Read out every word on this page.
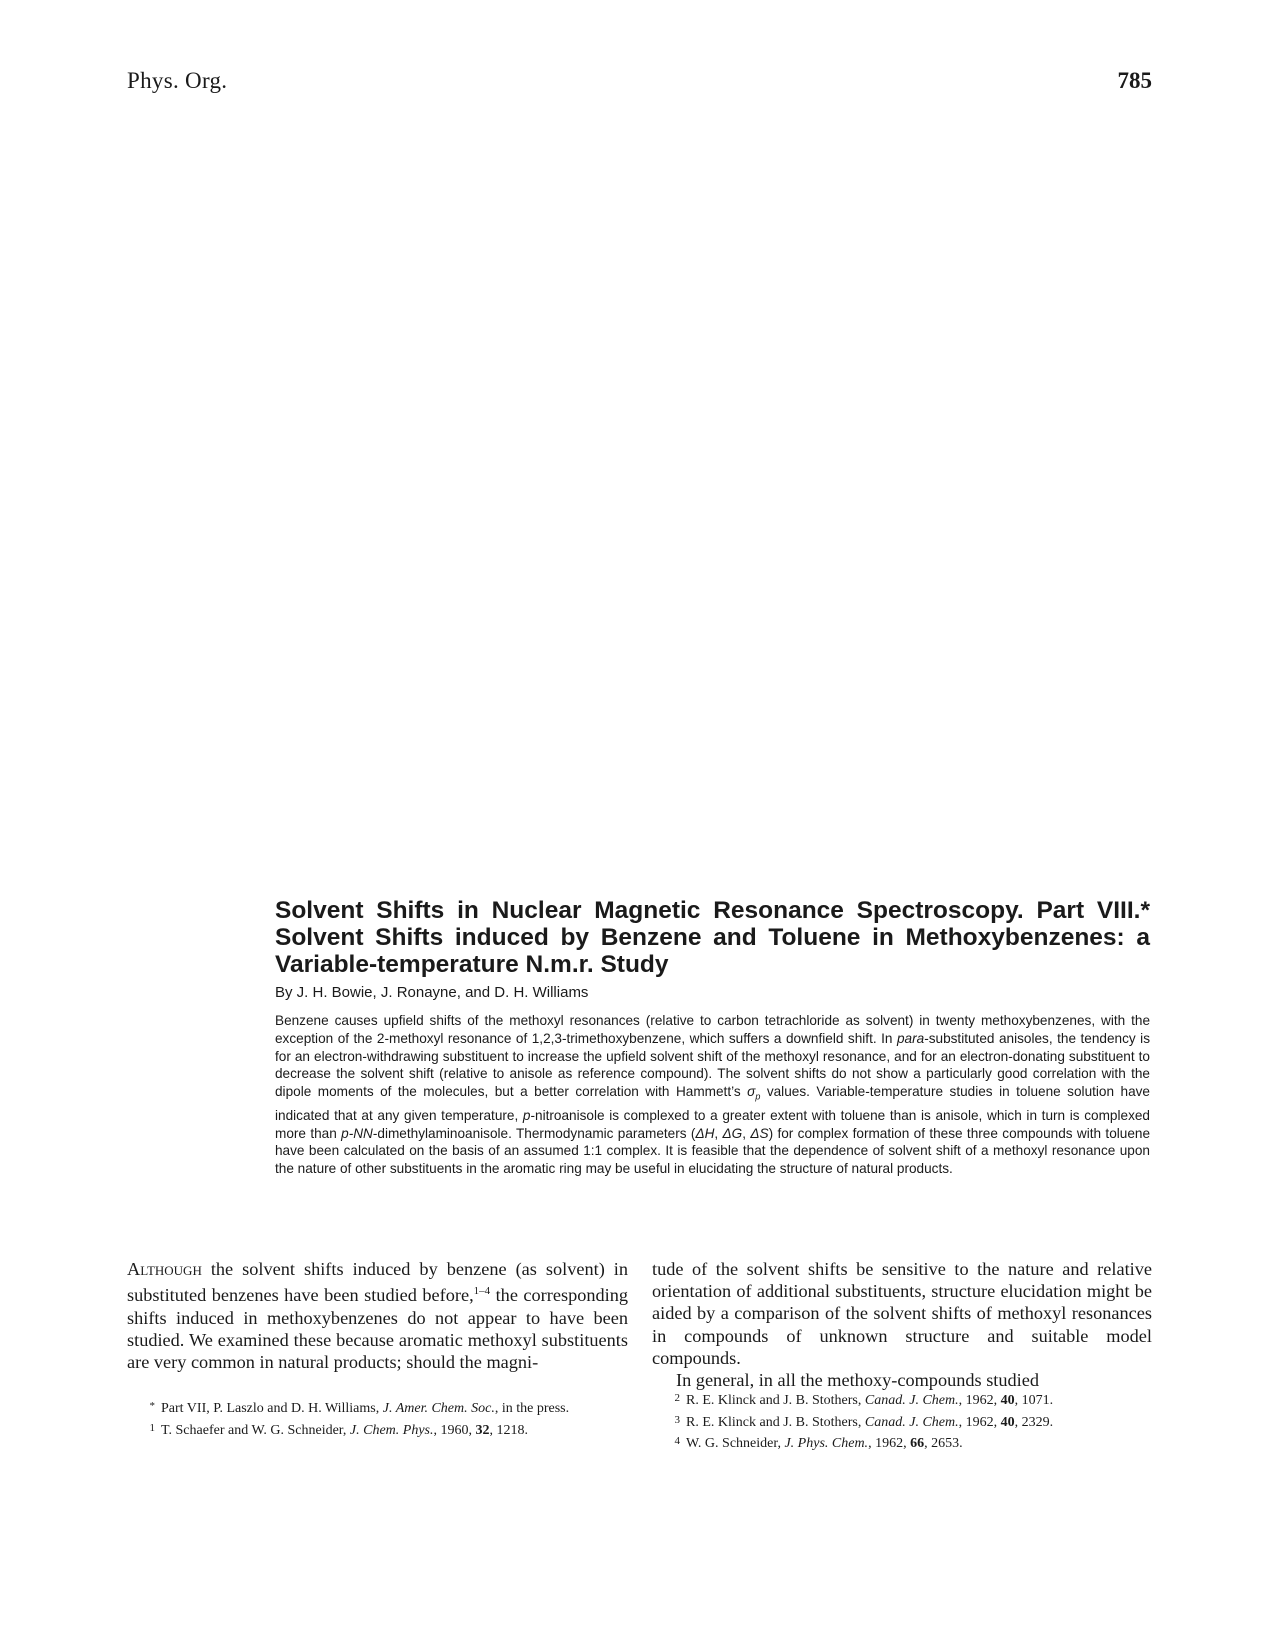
Phys. Org.	785
Solvent Shifts in Nuclear Magnetic Resonance Spectroscopy. Part VIII.* Solvent Shifts induced by Benzene and Toluene in Methoxybenzenes: a Variable-temperature N.m.r. Study
By J. H. Bowie, J. Ronayne, and D. H. Williams

Benzene causes upfield shifts of the methoxyl resonances (relative to carbon tetrachloride as solvent) in twenty methoxybenzenes, with the exception of the 2-methoxyl resonance of 1,2,3-trimethoxybenzene, which suffers a downfield shift. In para-substituted anisoles, the tendency is for an electron-withdrawing substituent to increase the upfield solvent shift of the methoxyl resonance, and for an electron-donating substituent to decrease the solvent shift (relative to anisole as reference compound). The solvent shifts do not show a particularly good correlation with the dipole moments of the molecules, but a better correlation with Hammett’s $\sigma_p$ values. Variable-temperature studies in toluene solution have indicated that at any given temperature, p-nitroanisole is complexed to a greater extent with toluene than is anisole, which in turn is complexed more than p-NN-dimethylaminoanisole. Thermodynamic parameters (ΔH, ΔG, ΔS) for complex formation of these three compounds with toluene have been calculated on the basis of an assumed 1:1 complex. It is feasible that the dependence of solvent shift of a methoxyl resonance upon the nature of other substituents in the aromatic ring may be useful in elucidating the structure of natural products.

Although the solvent shifts induced by benzene (as solvent) in substituted benzenes have been studied before,$^{1-4}$ the corresponding shifts induced in methoxybenzenes do not appear to have been studied. We examined these because aromatic methoxyl substituents are very common in natural products; should the magni-

* Part VII, P. Laszlo and D. H. Williams, J. Amer. Chem. Soc., in the press.

1 T. Schaefer and W. G. Schneider, J. Chem. Phys., 1960, 32, 1218.

tude of the solvent shifts be sensitive to the nature and relative orientation of additional substituents, structure elucidation might be aided by a comparison of the solvent shifts of methoxyl resonances in compounds of unknown structure and suitable model compounds.

In general, in all the methoxy-compounds studied

2 R. E. Klinck and J. B. Stothers, Canad. J. Chem., 1962, 40, 1071.

3 R. E. Klinck and J. B. Stothers, Canad. J. Chem., 1962, 40, 2329.

4 W. G. Schneider, J. Phys. Chem., 1962, 66, 2653.
